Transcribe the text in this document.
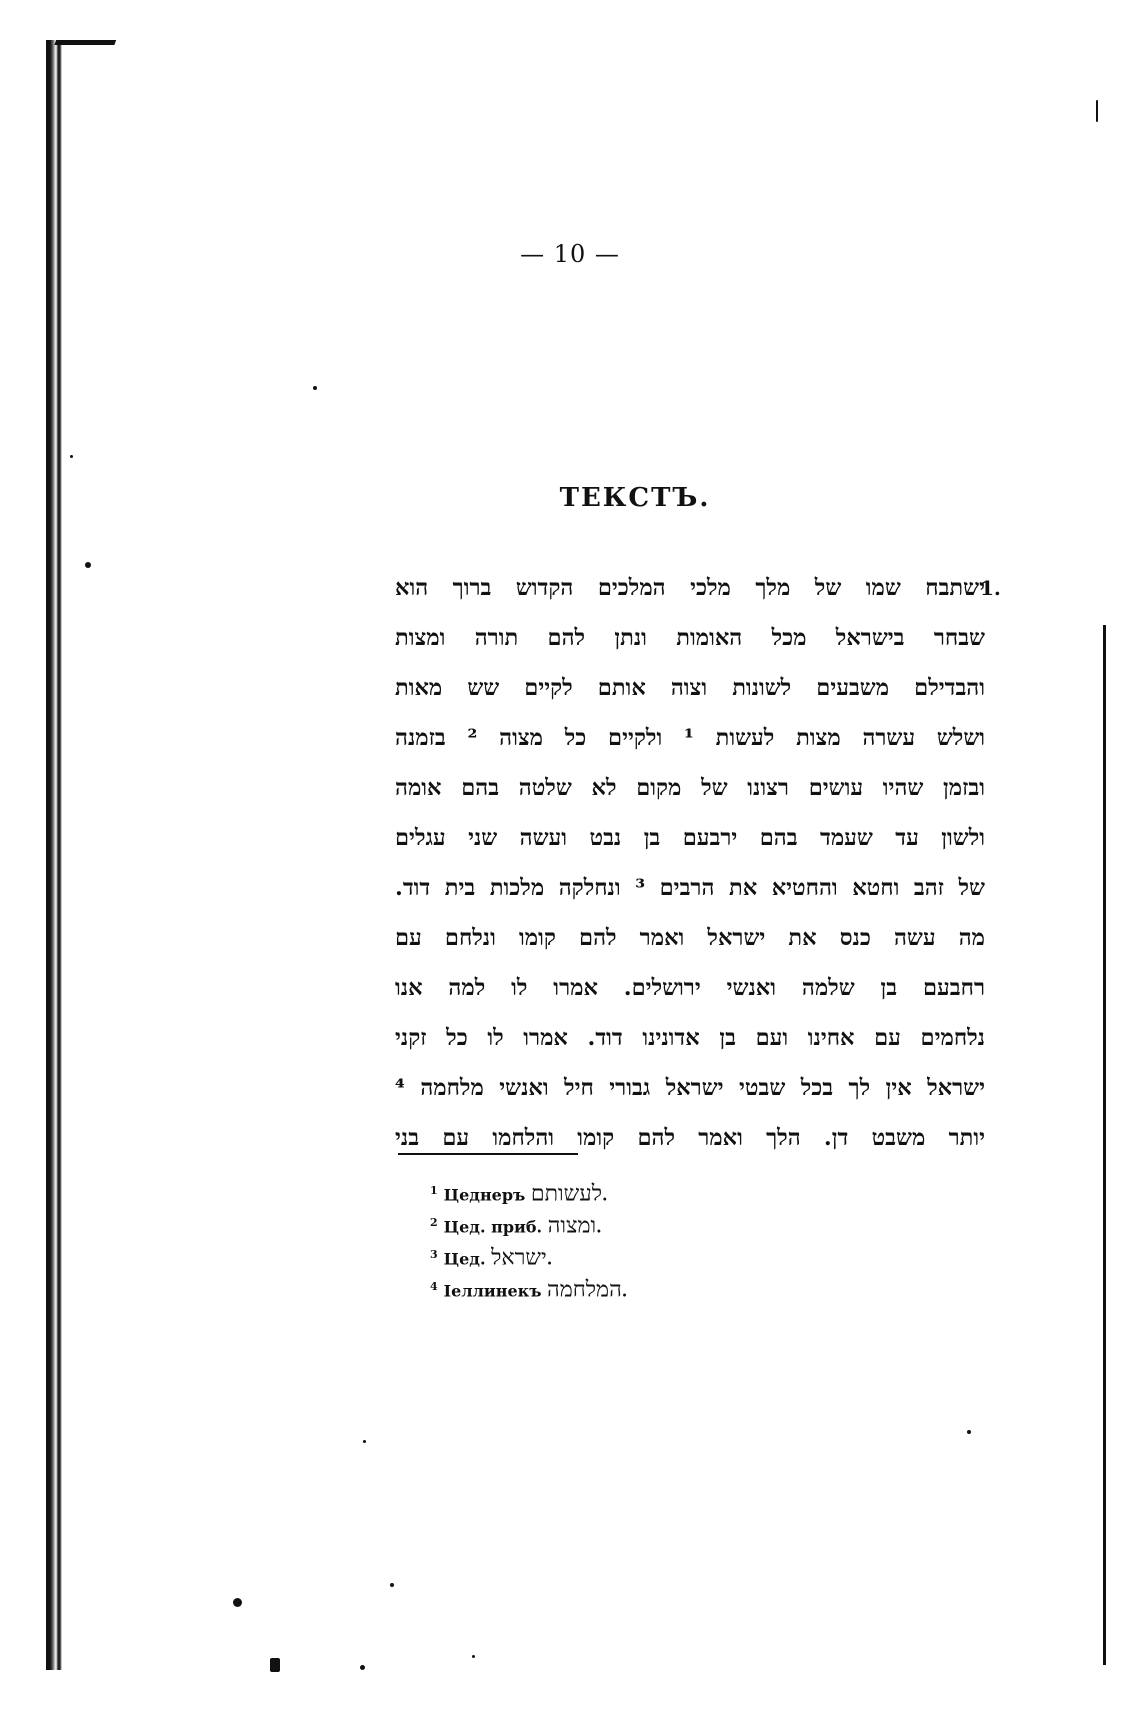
— 10 —
ТЕКСТЪ.
1.
ישתבח שמו של מלך מלכי המלכים הקדוש ברוך הוא
שבחר בישראל מכל האומות ונתן להם תורה ומצות
והבדילם משבעים לשונות וצוה אותם לקיים שש מאות
ושלש עשרה מצות לעשות ¹ ולקיים כל מצוה ² בזמנה
ובזמן שהיו עושים רצונו של מקום לא שלטה בהם אומה
ולשון עד שעמד בהם ירבעם בן נבט ועשה שני עגלים
של זהב וחטא והחטיא את הרבים ³ ונחלקה מלכות בית דוד.
מה עשה כנס את ישראל ואמר להם קומו ונלחם עם
רחבעם בן שלמה ואנשי ירושלים. אמרו לו למה אנו
נלחמים עם אחינו ועם בן אדונינו דוד. אמרו לו כל זקני
ישראל אין לך בכל שבטי ישראל גבורי חיל ואנשי מלחמה ⁴
יותר משבט דן. הלך ואמר להם קומו והלחמו עם בני
$^1$ Цеднеръ לעשותם.
$^2$ Цед. приб. ומצוה.
$^3$ Цед. ישראל.
$^4$ Іеллинекъ המלחמה.
